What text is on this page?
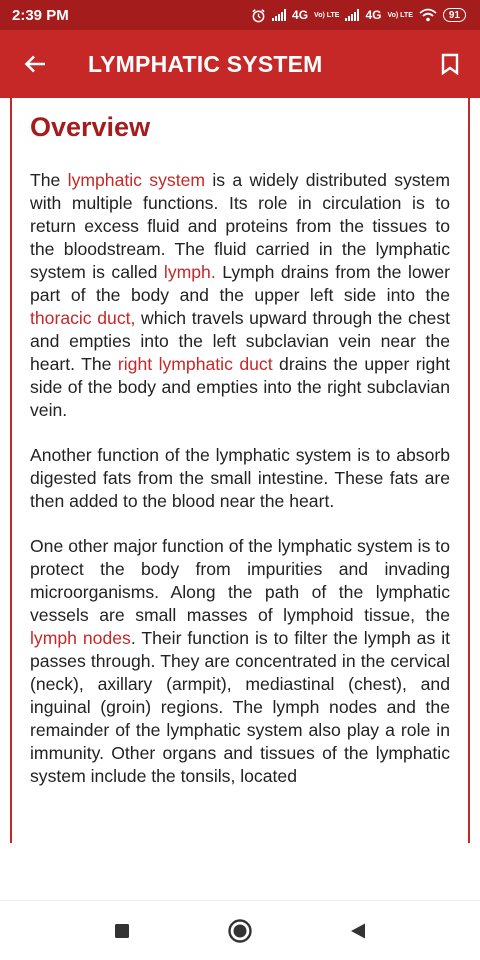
2:39 PM	4G Vo) LTE 4G Vo) LTE	91
LYMPHATIC SYSTEM
Overview

The lymphatic system is a widely distributed system with multiple functions. Its role in circulation is to return excess fluid and proteins from the tissues to the bloodstream. The fluid carried in the lymphatic system is called lymph. Lymph drains from the lower part of the body and the upper left side into the thoracic duct, which travels upward through the chest and empties into the left subclavian vein near the heart. The right lymphatic duct drains the upper right side of the body and empties into the right subclavian vein.

Another function of the lymphatic system is to absorb digested fats from the small intestine. These fats are then added to the blood near the heart.

One other major function of the lymphatic system is to protect the body from impurities and invading microorganisms. Along the path of the lymphatic vessels are small masses of lymphoid tissue, the lymph nodes. Their function is to filter the lymph as it passes through. They are concentrated in the cervical (neck), axillary (armpit), mediastinal (chest), and inguinal (groin) regions. The lymph nodes and the remainder of the lymphatic system also play a role in immunity. Other organs and tissues of the lymphatic system include the tonsils, located
